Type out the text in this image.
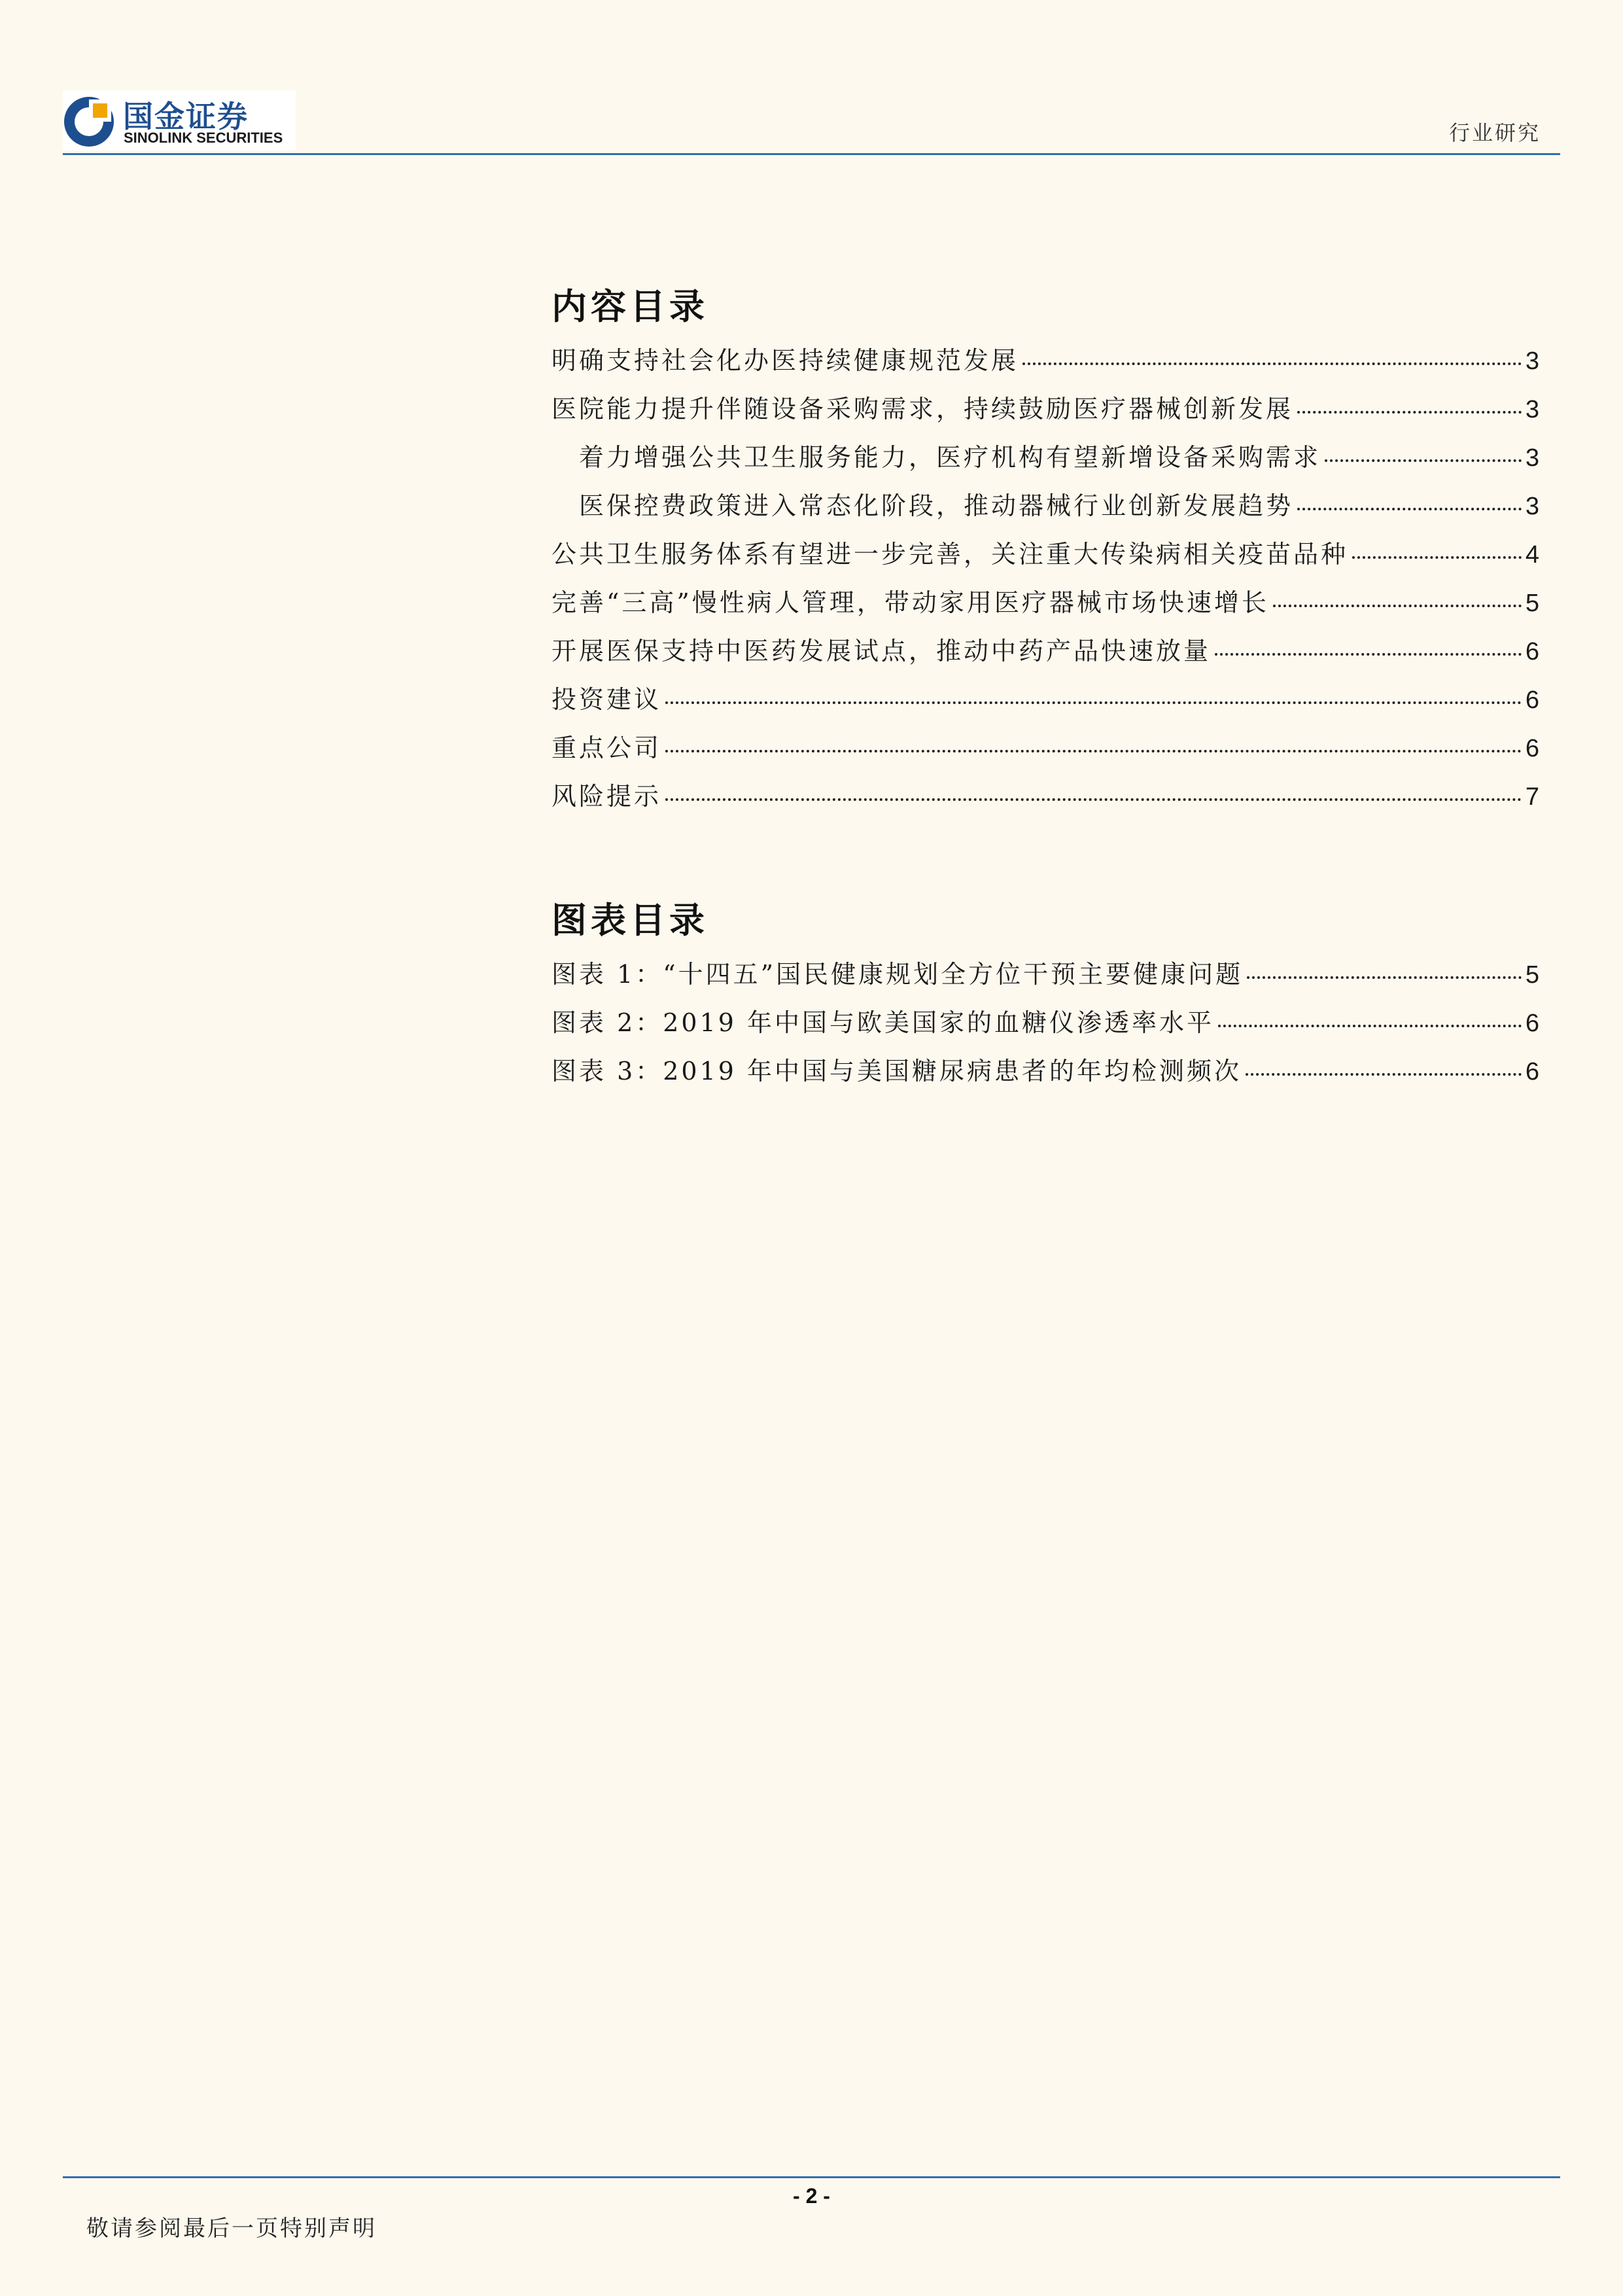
国金证券
SINOLINK SECURITIES	行业研究
内容目录
明确支持社会化办医持续健康规范发展	3
医院能力提升伴随设备采购需求，持续鼓励医疗器械创新发展	3
着力增强公共卫生服务能力，医疗机构有望新增设备采购需求	3
医保控费政策进入常态化阶段，推动器械行业创新发展趋势	3
公共卫生服务体系有望进一步完善，关注重大传染病相关疫苗品种	4
完善“三高”慢性病人管理，带动家用医疗器械市场快速增长	5
开展医保支持中医药发展试点，推动中药产品快速放量	6
投资建议	6
重点公司	6
风险提示	7
图表目录
图表 1：“十四五”国民健康规划全方位干预主要健康问题	5
图表 2：2019 年中国与欧美国家的血糖仪渗透率水平	6
图表 3：2019 年中国与美国糖尿病患者的年均检测频次	6
- 2 -
敬请参阅最后一页特别声明
